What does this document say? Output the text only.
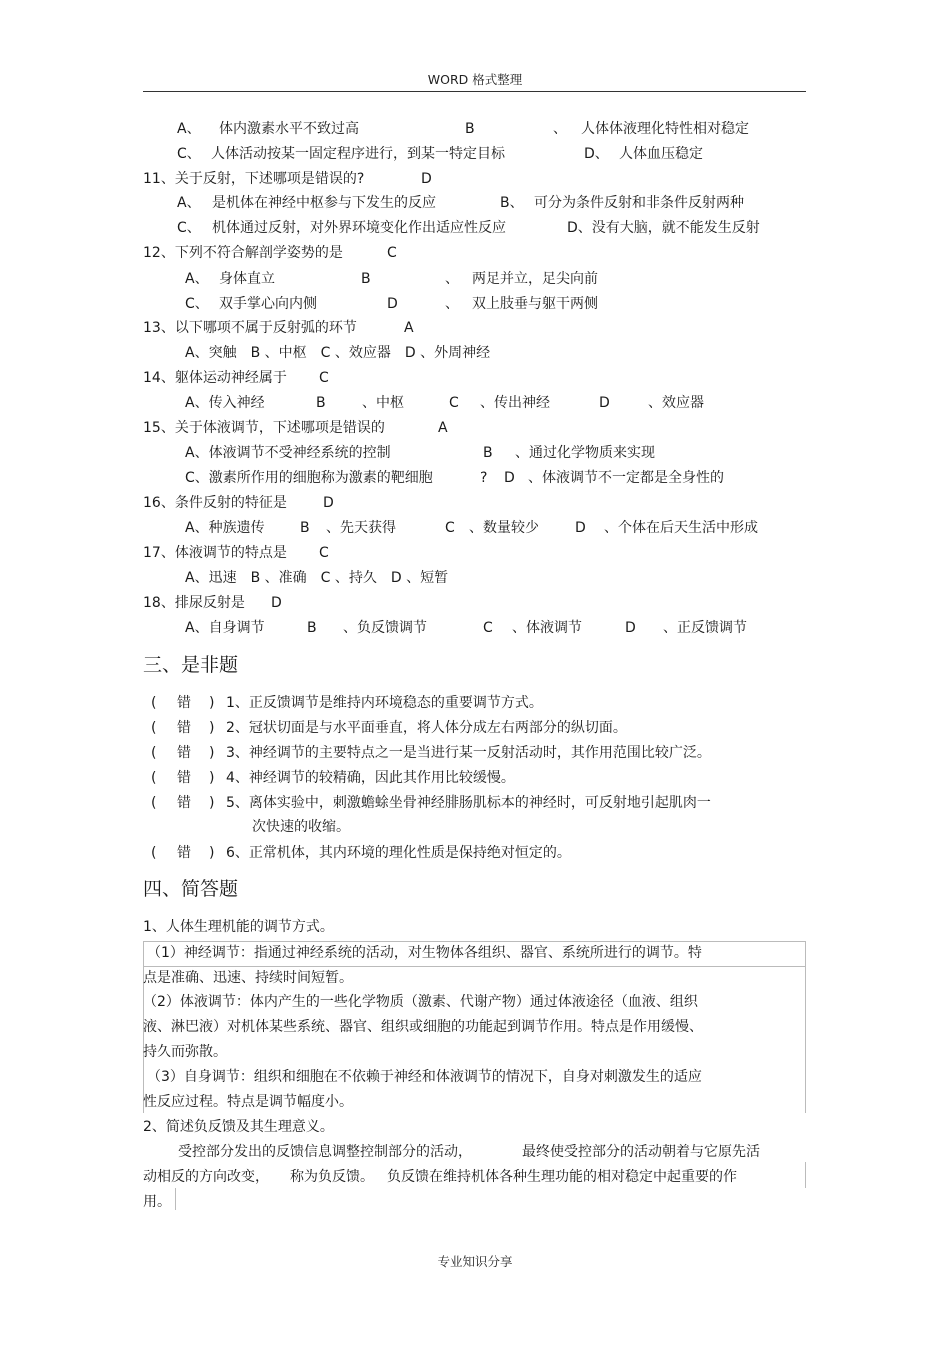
WORD 格式整理
A、 体内激素水平不致过高	B	、 人体体液理化特性相对稳定
C、 人体活动按某一固定程序进行，到某一特定目标	D、 人体血压稳定
11、关于反射，下述哪项是错误的?	D
A、 是机体在神经中枢参与下发生的反应	B、 可分为条件反射和非条件反射两种
C、 机体通过反射，对外界环境变化作出适应性反应	D、没有大脑，就不能发生反射
12、下列不符合解剖学姿势的是	C
A、 身体直立	B	、 两足并立，足尖向前
C、 双手掌心向内侧	D	、 双上肢垂与躯干两侧
13、以下哪项不属于反射弧的环节	A
A、突触　B 、中枢　C 、效应器　D 、外周神经
14、躯体运动神经属于 C
A、传入神经	B	、中枢	C 、传出神经	D	、效应器
15、关于体液调节，下述哪项是错误的	A
A、体液调节不受神经系统的控制	B 、通过化学物质来实现
C、激素所作用的细胞称为激素的靶细胞	? D 、体液调节不一定都是全身性的
16、条件反射的特征是	D
A、种族遗传	B 、先天获得	C 、数量较少	D 、个体在后天生活中形成
17、体液调节的特点是 C
A、迅速　B 、准确　C 、持久　D 、短暂
18、排尿反射是 D
A、自身调节	B 、负反馈调节	C 、体液调节	D 、正反馈调节
三、是非题
( 错 ) 1、正反馈调节是维持内环境稳态的重要调节方式。
( 错 ) 2、冠状切面是与水平面垂直，将人体分成左右两部分的纵切面。
( 错 ) 3、神经调节的主要特点之一是当进行某一反射活动时，其作用范围比较广泛。
( 错 ) 4、神经调节的较精确，因此其作用比较缓慢。
( 错 ) 5、离体实验中，刺激蟾蜍坐骨神经腓肠肌标本的神经时，可反射地引起肌肉一
次快速的收缩。
( 错 ) 6、正常机体，其内环境的理化性质是保持绝对恒定的。
四、简答题
1、人体生理机能的调节方式。
（1）神经调节：指通过神经系统的活动，对生物体各组织、器官、系统所进行的调节。特
点是准确、迅速、持续时间短暂。
（2）体液调节：体内产生的一些化学物质（激素、代谢产物）通过体液途径（血液、组织
液、淋巴液）对机体某些系统、器官、组织或细胞的功能起到调节作用。特点是作用缓慢、
持久而弥散。
（3）自身调节：组织和细胞在不依赖于神经和体液调节的情况下，自身对刺激发生的适应
性反应过程。特点是调节幅度小。
2、简述负反馈及其生理意义。
受控部分发出的反馈信息调整控制部分的活动，	最终使受控部分的活动朝着与它原先活
动相反的方向改变， 称为负反馈。 负反馈在维持机体各种生理功能的相对稳定中起重要的作
用。
专业知识分享
